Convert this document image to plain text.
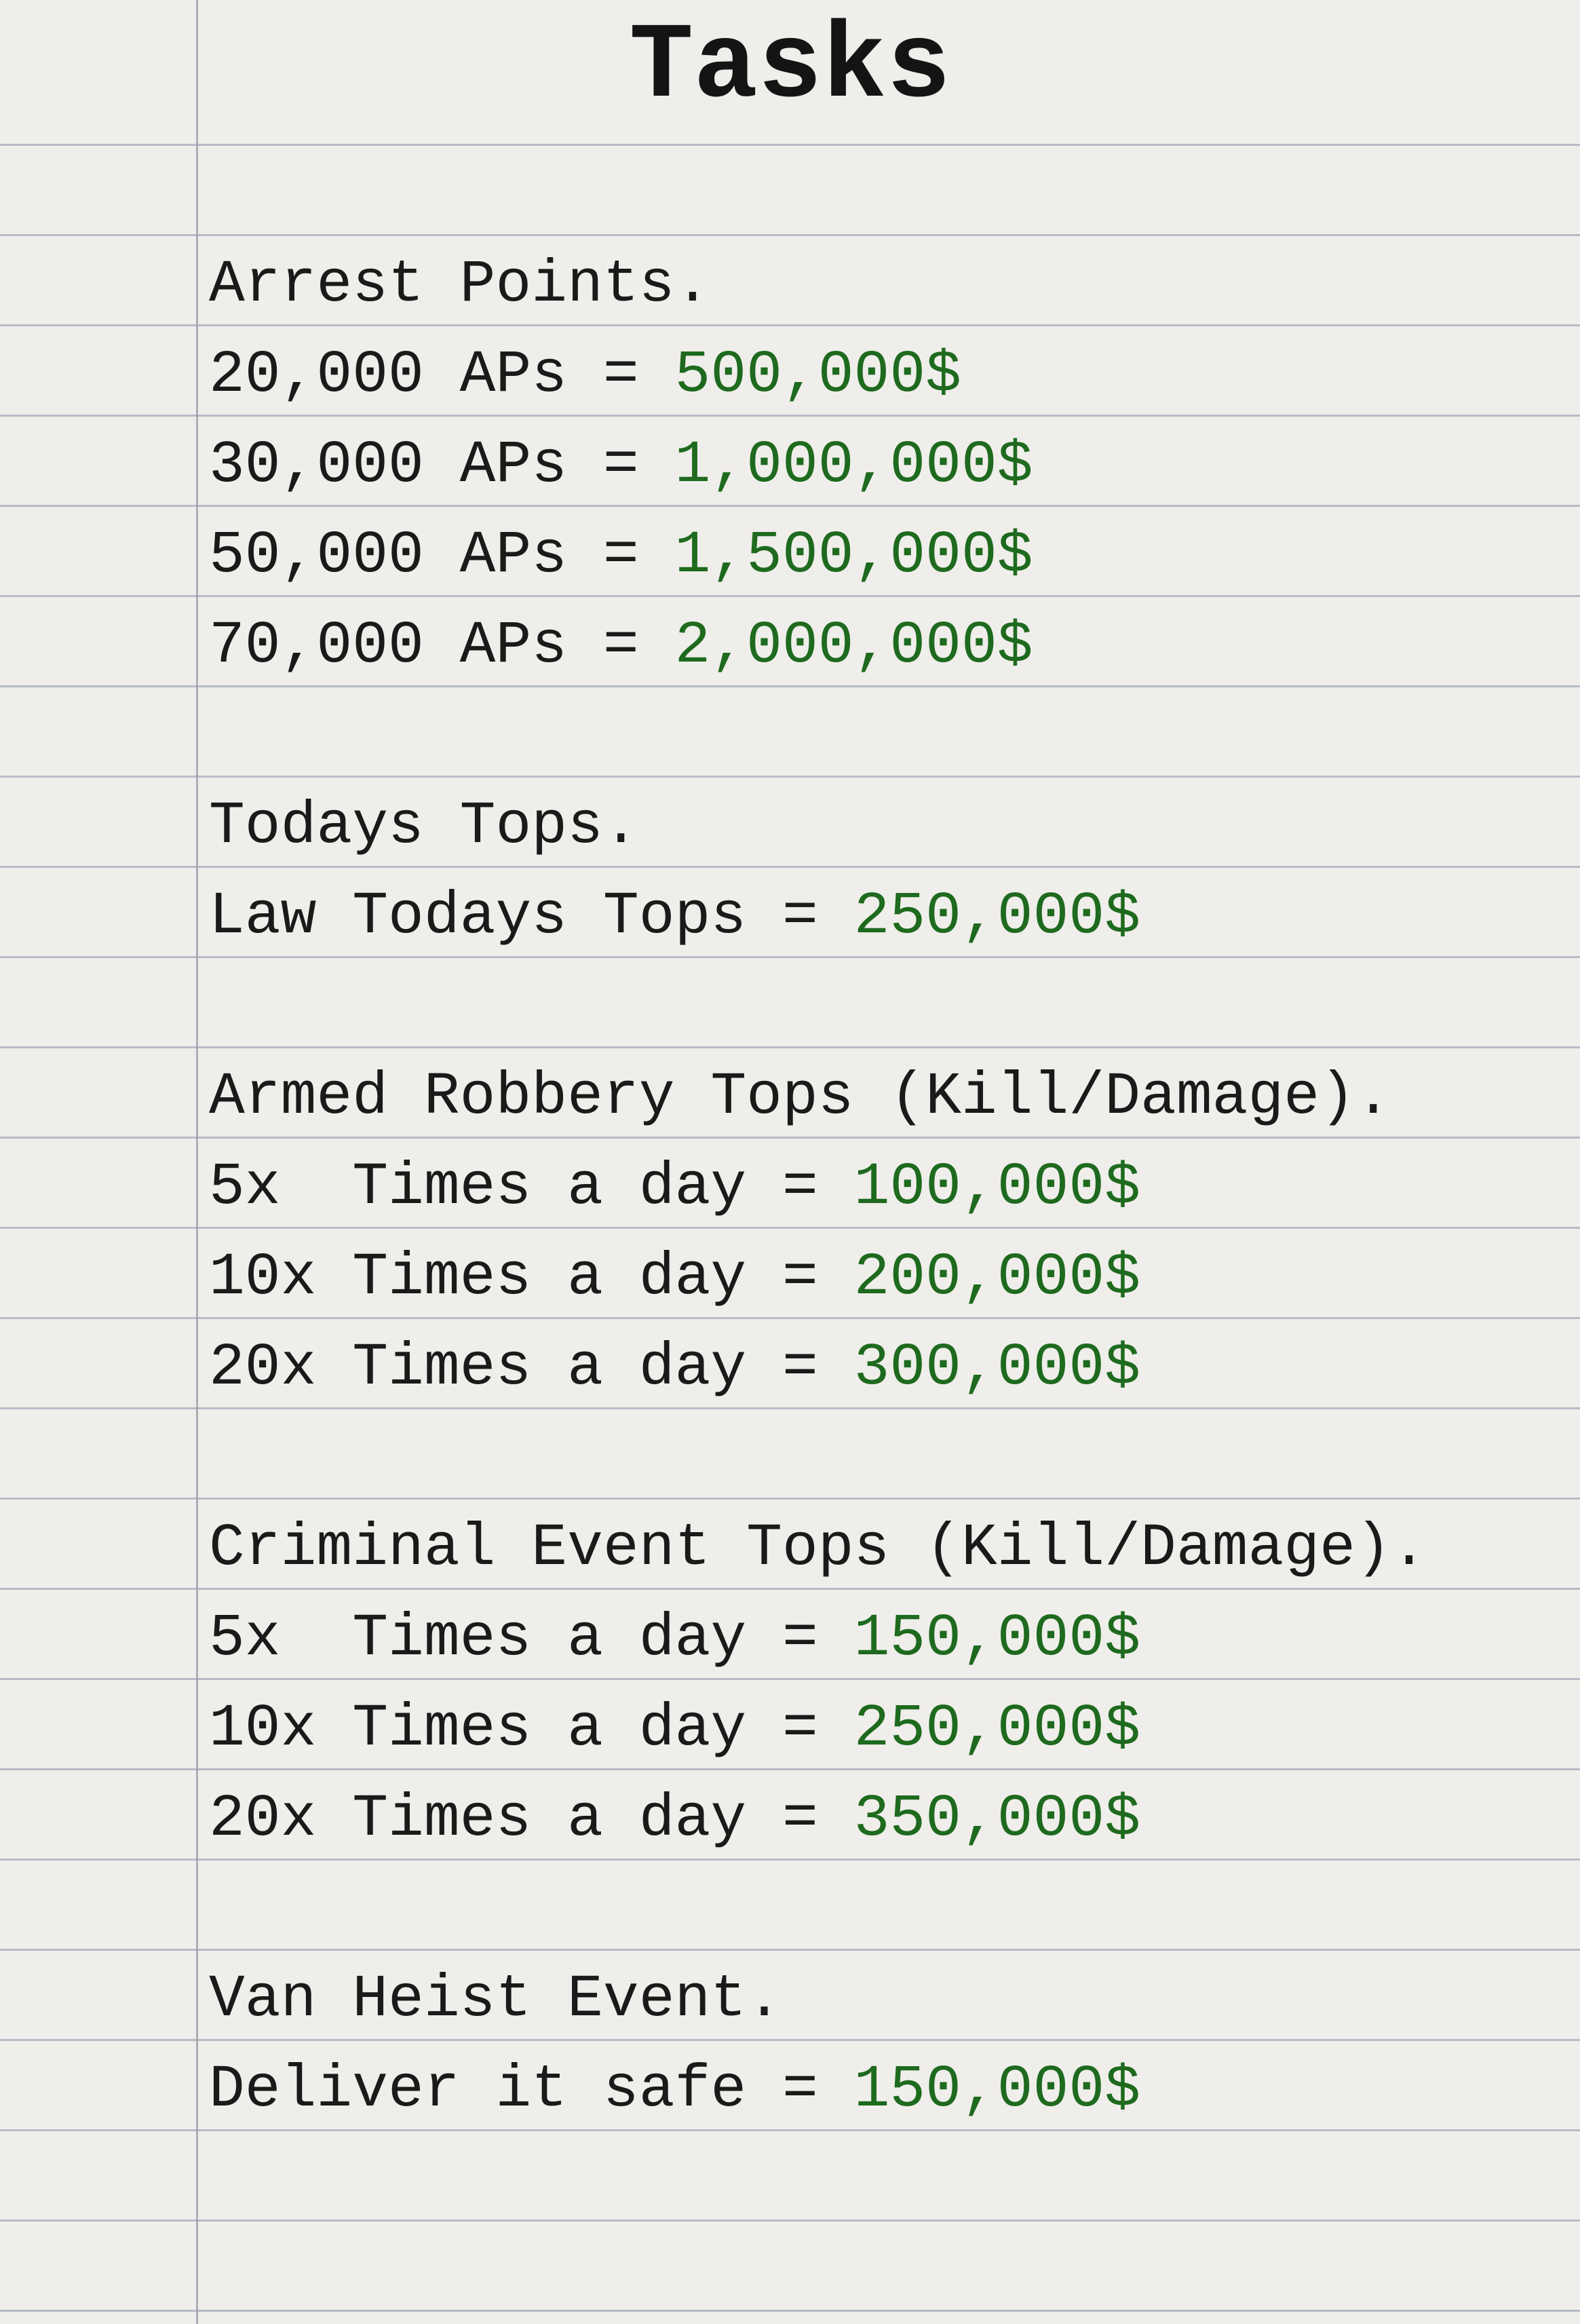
Tasks
Arrest Points.
20,000 APs = 500,000$
30,000 APs = 1,000,000$
50,000 APs = 1,500,000$
70,000 APs = 2,000,000$
Todays Tops.
Law Todays Tops = 250,000$
Armed Robbery Tops (Kill/Damage).
5x  Times a day = 100,000$
10x Times a day = 200,000$
20x Times a day = 300,000$
Criminal Event Tops (Kill/Damage).
5x  Times a day = 150,000$
10x Times a day = 250,000$
20x Times a day = 350,000$
Van Heist Event.
Deliver it safe = 150,000$
